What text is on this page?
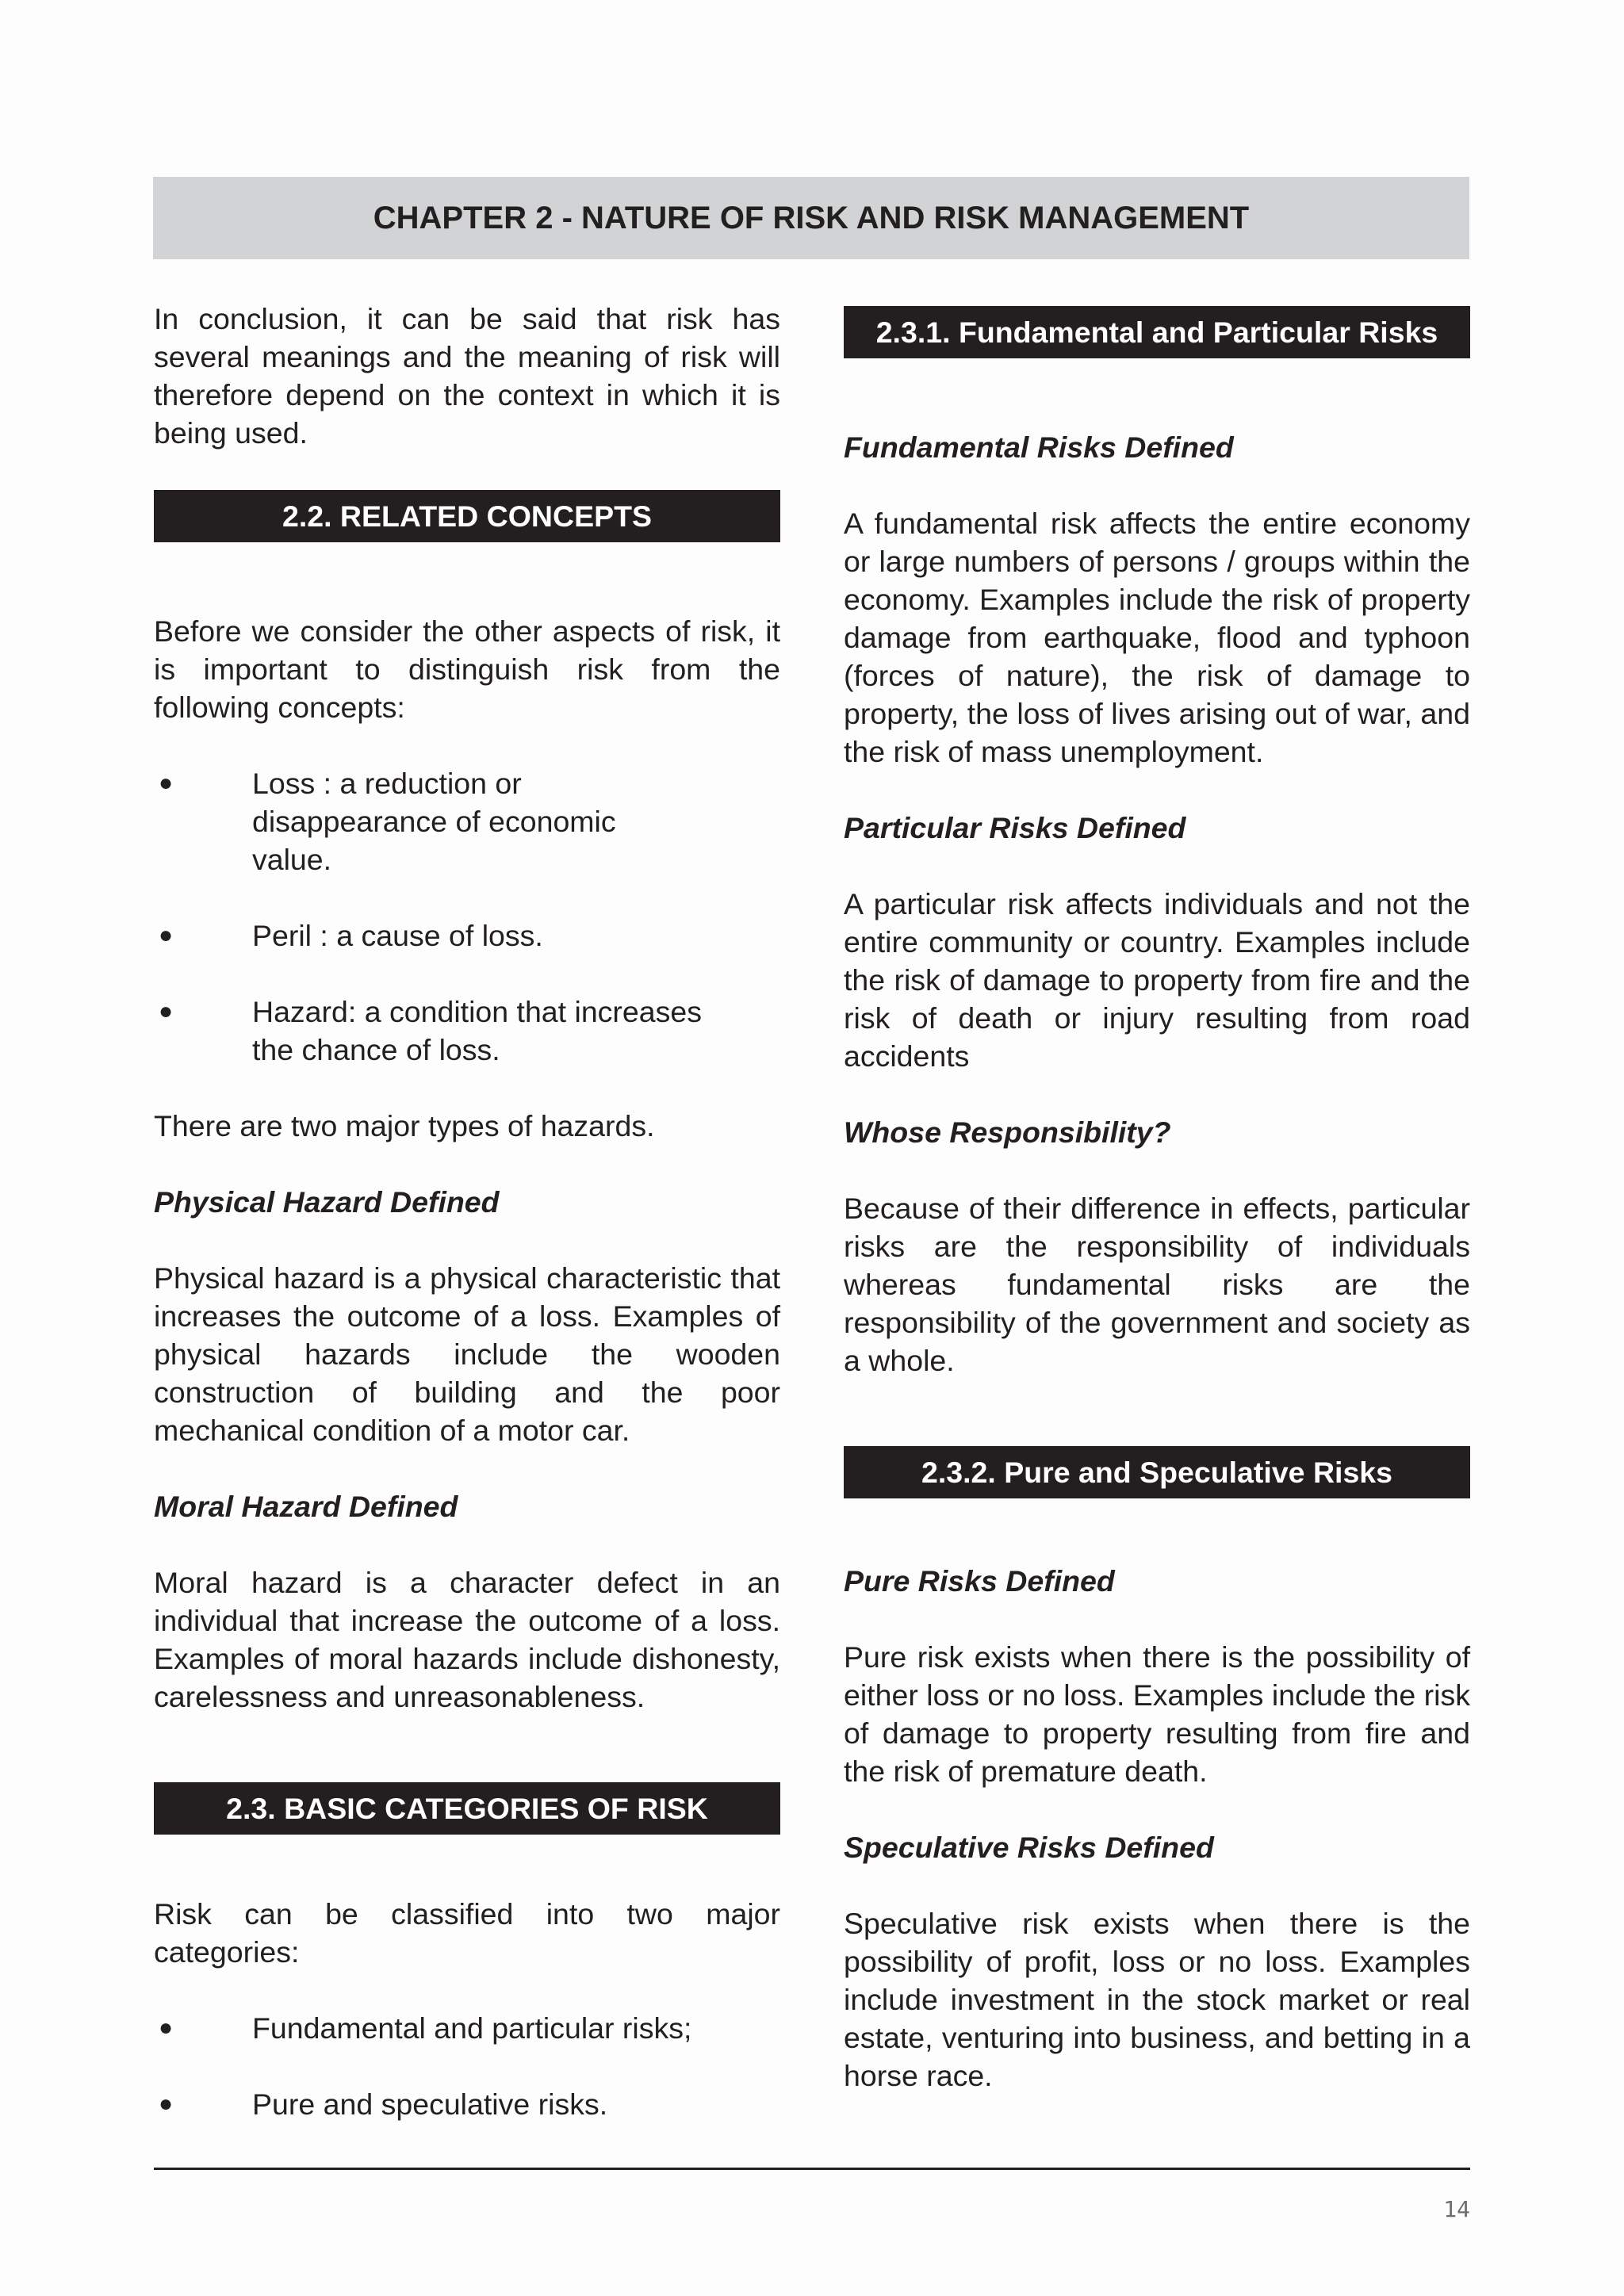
CHAPTER 2 - NATURE OF RISK AND RISK MANAGEMENT

In conclusion, it can be said that risk has several meanings and the meaning of risk will therefore depend on the context in which it is being used.

2.2. RELATED CONCEPTS

Before we consider the other aspects of risk, it is important to distinguish risk from the following concepts:

●	Loss : a reduction or disappearance of economic value.
●	Peril : a cause of loss.
●	Hazard: a condition that increases the chance of loss.

There are two major types of hazards.

Physical Hazard Defined

Physical hazard is a physical characteristic that increases the outcome of a loss. Examples of physical hazards include the wooden construction of building and the poor mechanical condition of a motor car.

Moral Hazard Defined

Moral hazard is a character defect in an individual that increase the outcome of a loss. Examples of moral hazards include dishonesty, carelessness and unreasonableness.

2.3. BASIC CATEGORIES OF RISK

Risk can be classified into two major categories:

●	Fundamental and particular risks;
●	Pure and speculative risks.
2.3.1. Fundamental and Particular Risks

Fundamental Risks Defined

A fundamental risk affects the entire economy or large numbers of persons / groups within the economy. Examples include the risk of property damage from earthquake, flood and typhoon (forces of nature), the risk of damage to property, the loss of lives arising out of war, and the risk of mass unemployment.

Particular Risks Defined

A particular risk affects individuals and not the entire community or country. Examples include the risk of damage to property from fire and the risk of death or injury resulting from road accidents

Whose Responsibility?

Because of their difference in effects, particular risks are the responsibility of individuals whereas fundamental risks are the responsibility of the government and society as a whole.

2.3.2. Pure and Speculative Risks

Pure Risks Defined

Pure risk exists when there is the possibility of either loss or no loss. Examples include the risk of damage to property resulting from fire and the risk of premature death.

Speculative Risks Defined

Speculative risk exists when there is the possibility of profit, loss or no loss. Examples include investment in the stock market or real estate, venturing into business, and betting in a horse race.

14
